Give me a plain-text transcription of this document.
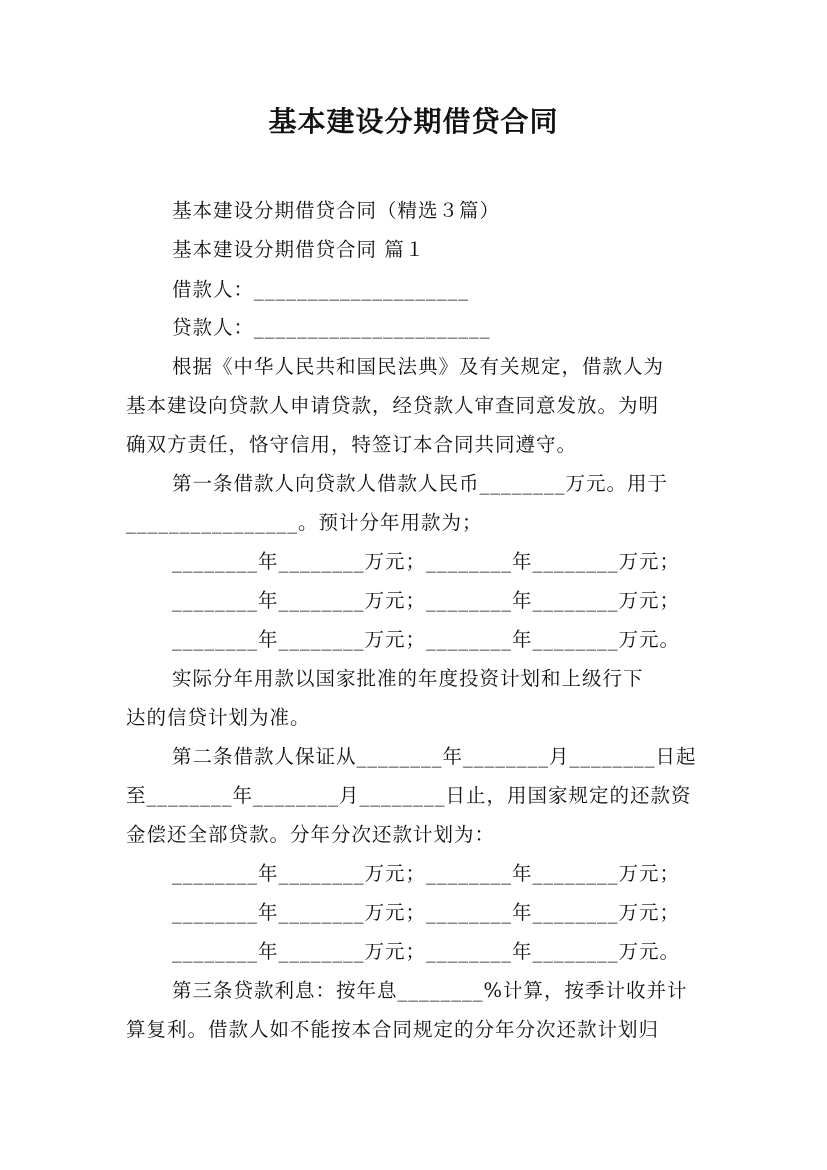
基本建设分期借贷合同
基本建设分期借贷合同（精选３篇）
基本建设分期借贷合同 篇１
借款人：____________________
贷款人：______________________
根据《中华人民共和国民法典》及有关规定，借款人为
基本建设向贷款人申请贷款，经贷款人审查同意发放。为明
确双方责任，恪守信用，特签订本合同共同遵守。
第一条借款人向贷款人借款人民币________万元。用于
________________。预计分年用款为；
________年________万元；________年________万元；
________年________万元；________年________万元；
________年________万元；________年________万元。
实际分年用款以国家批准的年度投资计划和上级行下
达的信贷计划为准。
第二条借款人保证从________年________月________日起
至________年________月________日止，用国家规定的还款资
金偿还全部贷款。分年分次还款计划为：
________年________万元；________年________万元；
________年________万元；________年________万元；
________年________万元；________年________万元。
第三条贷款利息：按年息________%计算，按季计收并计
算复利。借款人如不能按本合同规定的分年分次还款计划归
